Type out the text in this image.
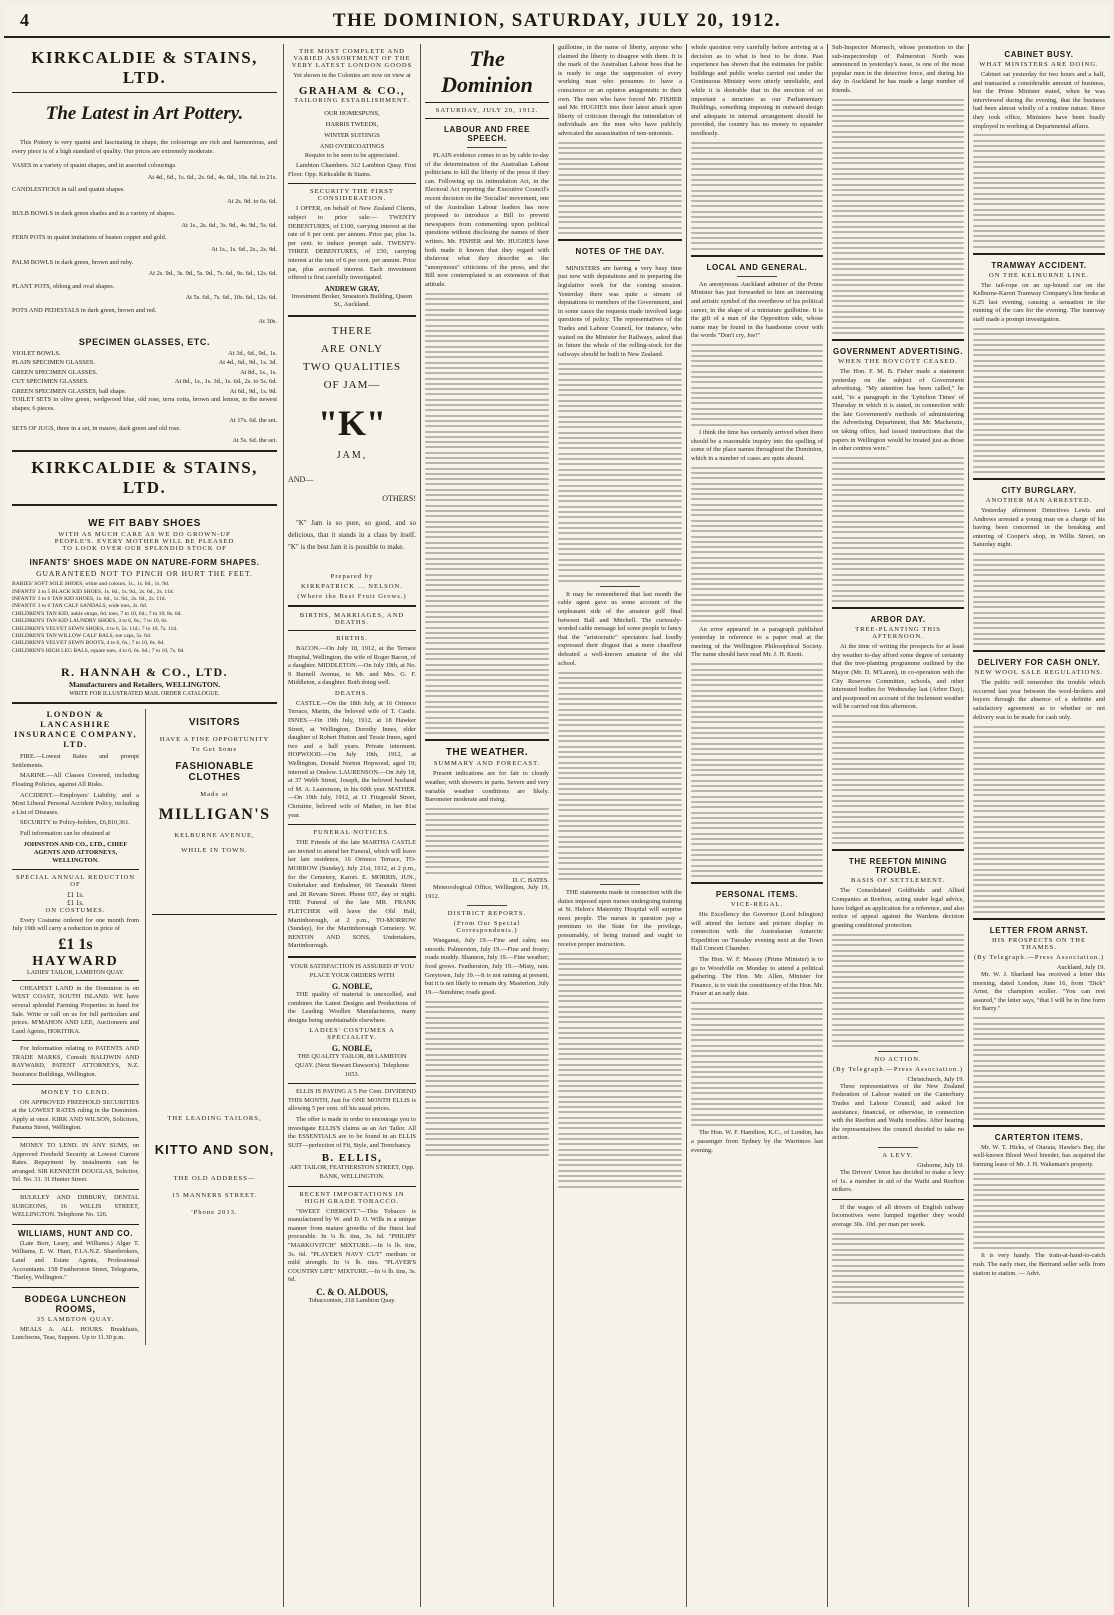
4	THE DOMINION, SATURDAY, JULY 20, 1912.
KIRKCALDIE & STAINS, LTD.
The Latest in Art Pottery.
This Pottery is very quaint and fascinating in shape, the colourings are rich and harmonious, and every piece is of a high standard of quality. Our prices are extremely moderate.
VASES in a variety of quaint shapes, and in assorted colourings.
At 4d., 6d., 1s. 6d., 2s. 6d., 4s. 6d., 10s. 6d. to 21s.
CANDLESTICKS in tall and quaint shapes.
At 2s. 9d. to 6s. 6d.
BULB BOWLS in dark green shades and in a variety of shapes.
At 1s., 2s. 6d., 3s. 9d., 4s. 9d., 5s. 6d.
FERN POTS in quaint imitations of beaten copper and gold.
At 1s., 1s. 6d., 2s., 2s. 9d.
PALM BOWLS in dark green, brown and ruby.
At 2s. 9d., 3s. 9d., 5s. 9d., 7s. 6d., 9s. 6d., 12s. 6d.
PLANT POTS, oblong and oval shapes.
At 5s. 6d., 7s. 6d., 10s. 6d., 12s. 6d.
POTS AND PEDESTALS in dark green, brown and red.
At 30s.
SPECIMEN GLASSES, ETC.
VIOLET BOWLS.	At 3d., 6d., 9d., 1s.
PLAIN SPECIMEN GLASSES.	At 4d., 6d., 9d., 1s. 3d.
GREEN SPECIMEN GLASSES.	At 8d., 1s., 1s.
CUT SPECIMEN GLASSES.	At 8d., 1s., 1s. 3d., 1s. 6d., 2s. to 5s. 6d.
GREEN SPECIMEN GLASSES, ball shape.	At 6d., 9d., 1s. 9d.
TOILET SETS in olive green, wedgwood blue, old rose, terra cotta, brown and lemon, in the newest shapes; 6 pieces.
At 17s. 6d. the set.
SETS OF JUGS, three in a set, in mauve, dark green and old rose.
At 5s. 6d. the set.
KIRKCALDIE & STAINS, LTD.
WE FIT BABY SHOES
WITH AS MUCH CARE AS WE DO GROWN-UP PEOPLE'S. EVERY MOTHER WILL BE PLEASED TO LOOK OVER OUR SPLENDID STOCK OF
INFANTS' SHOES MADE ON NATURE-FORM SHAPES.
GUARANTEED NOT TO PINCH OR HURT THE FEET.
BABIES' SOFT SOLE SHOES, white and colours, 1s., 1s. 6d., 1s. 9d.
INFANTS' 3 to 5 BLACK KID SHOES, 1s. 6d., 1s. 9d., 2s. 6d., 2s. 11d.
INFANTS' 3 to 6 TAN KID SHOES, 1s. 6d., 1s. 9d., 2s. 6d., 2s. 11d.
INFANTS' 3 to 6 TAN CALF SANDALS, wide toes, 2s. 6d.
CHILDREN'S TAN KID, ankle straps, 6d. toes, 7 to 10, 6d.; 7 to 10, 8s. 6d.
CHILDREN'S TAN KID LAUNDRY SHOES, 3 to 6, 6s.; 7 to 10, 6s.
CHILDREN'S VELVET SEWN SHOES, 4 to 6, 5s. 11d.; 7 to 10, 7s. 11d.
CHILDREN'S TAN WILLOW CALF BALS, toe caps, 5s. 6d.
CHILDREN'S VELVET SEWN BOOTS, 4 to 6, 6s.; 7 to 10, 6s. 6d.
CHILDREN'S HIGH LEG BALS, square toes, 4 to 6, 6s. 6d.; 7 to 10, 7s. 6d.
R. HANNAH & CO., LTD.
Manufacturers and Retailers, WELLINGTON.
WRITE FOR ILLUSTRATED MAIL ORDER CATALOGUE.
LONDON & LANCASHIRE INSURANCE COMPANY, LTD.
FIRE.—Lowest Rates and prompt Settlements.
MARINE.—All Classes Covered, including Floating Policies, against All Risks.
ACCIDENT.—Employers' Liability, and a Most Liberal Personal Accident Policy, including a List of Diseases.
SECURITY to Policy-holders, £6,810,361.
Full information can be obtained at
JOHNSTON AND CO., LTD., CHIEF AGENTS AND ATTORNEYS, WELLINGTON.
SPECIAL ANNUAL REDUCTION OF
£1 1s.
£1 1s.
ON COSTUMES.
Every Costume ordered for one month from July 19th will carry a reduction in price of
£1 1s
HAYWARD
LADIES' TAILOR, LAMBTON QUAY.
CHEAPEST LAND in the Dominion is on WEST COAST, SOUTH ISLAND. WE have several splendid Farming Properties in hand for Sale. Write or call on us for full particulars and prices. M'MAHON AND LEE, Auctioneers and Land Agents, HOKITIKA.
For Information relating to PATENTS AND TRADE MARKS, Consult BALDWIN AND RAYWARD, PATENT ATTORNEYS, N.Z. Insurance Buildings, Wellington.
MONEY TO LEND.
ON APPROVED FREEHOLD SECURITIES at the LOWEST RATES ruling in the Dominion. Apply at once. KIRK AND WILSON, Solicitors, Panama Street, Wellington.
MONEY TO LEND. IN ANY SUMS, on Approved Freehold Security at Lowest Current Rates. Repayment by instalments can be arranged. SIR KENNETH DOUGLAS, Solicitor, Tel. No. 31. 31 Hunter Street.
BULKLEY AND DIBBURY, DENTAL SURGEONS, 16 WILLIS STREET, WELLINGTON. Telephone No. 126.
WILLIAMS, HUNT AND CO.
(Late Borr, Leary, and Williams.) Algar T. Williams, E. W. Hunt, F.I.A.N.Z. Sharebrokers, Land and Estate Agents, Professional Accountants. 158 Featherston Street, Telegrams, "Barley, Wellington."
BODEGA LUNCHEON ROOMS,
35 LAMBTON QUAY.
MEALS A. ALL HOURS. Breakfasts, Luncheons, Teas, Suppers. Up to 11.30 p.m.
VISITORS
HAVE A FINE OPPORTUNITY
To Get Some
FASHIONABLE CLOTHES
Made at
MILLIGAN'S
KELBURNE AVENUE,
WHILE IN TOWN.
THE LEADING TAILORS,
KITTO AND SON,
THE OLD ADDRESS—
15 MANNERS STREET.
'Phone 2013.
THE MOST COMPLETE AND VARIED ASSORTMENT OF THE VERY LATEST LONDON GOODS
Yet shown in the Colonies are now on view at
GRAHAM & CO.,
TAILORING ESTABLISHMENT.
OUR HOMESPUNS,
HARRIS TWEEDS,
WINTER SUITINGS
AND OVERCOATINGS
Require to be seen to be appreciated.
Lambton Chambers. 312 Lambton Quay. First Floor. Opp. Kirkcaldie & Stains.
SECURITY THE FIRST CONSIDERATION.
I OFFER, on behalf of New Zealand Clients, subject to prior sale:— TWENTY DEBENTURES, of £100, carrying interest at the rate of 6 per cent. per annum. Price par, plus 1s. per cent. to induce prompt sale. TWENTY-THREE DEBENTURES, of £50, carrying interest at the rate of 6 per cent. per annum. Price par, plus accrued interest. Each investment offered is first carefully investigated.
ANDREW GRAY,
Investment Broker, Smeaton's Building, Queen St., Auckland.
THERE
ARE ONLY
TWO QUALITIES
OF JAM—
"K"
JAM,
AND—
OTHERS!
"K" Jam is so pure, so good, and so delicious, that it stands in a class by itself. "K" is the best Jam it is possible to make.
Prepared by
KIRKPATRICK ... NELSON.
(Where the Best Fruit Grows.)
BIRTHS, MARRIAGES, AND DEATHS.
BIRTHS.
BACON.—On July 18, 1912, at the Terrace Hospital, Wellington, the wife of Roger Bacon, of a daughter. MIDDLETON.—On July 19th, at No. 9 Burnell Avenue, to Mr. and Mrs. G. F. Middleton, a daughter. Both doing well.
DEATHS.
CASTLE.—On the 18th July, at 16 Orinoco Terrace, Martin, the beloved wife of T. Castle. INNES.—On 19th July, 1912, at 18 Hawker Street, at Wellington, Dorothy Innes, elder daughter of Robert Hutton and Tessie Innes, aged two and a half years. Private interment. HOPWOOD.—On July 19th, 1912, at Wellington, Donald Norton Hopwood, aged 19; interred at Onslow. LAURENSON.—On July 18, at 37 Webb Street, Joseph, the beloved husband of M. A. Laurenson, in his 60th year. MATHER.—On 19th July, 1912, at 11 Fitzgerald Street, Christine, beloved wife of Mather, in her 81st year.
FUNERAL NOTICES.
THE Friends of the late MARTHA CASTLE are invited to attend her Funeral, which will leave her late residence, 16 Orinoco Terrace, TO-MORROW (Sunday), July 21st, 1912, at 2 p.m., for the Cemetery, Karori. E. MORRIS, JUN., Undertaker and Embalmer, 60 Taranaki Street and 28 Revans Street. Phone 937, day or night. THE Funeral of the late MR. FRANK FLETCHER will leave the Old Hall, Martinborough, at 2 p.m., TO-MORROW (Sunday), for the Martinborough Cemetery. W. BENTON AND SONS, Undertakers, Martinborough.
YOUR SATISFACTION IS ASSURED IF YOU PLACE YOUR ORDERS WITH
G. NOBLE,
THE quality of material is unexcelled, and combines the Latest Designs and Productions of the Leading Woollen Manufacturers, many designs being unobtainable elsewhere.
LADIES' COSTUMES A SPECIALITY.
G. NOBLE,
THE QUALITY TAILOR, 88 LAMBTON QUAY. (Next Stewart Dawson's). Telephone 1653.
ELLIS IS PAYING A 5 Per Cent. DIVIDEND THIS MONTH, Just for ONE MONTH ELLIS is allowing 5 per cent. off his usual prices.
The offer is made in order to encourage you to investigate ELLIS'S claims as an Art Tailor. All the ESSENTIALS are to be found in an ELLIS SUIT—perfection of Fit, Style, and Trenchancy.
B. ELLIS,
ART TAILOR, FEATHERSTON STREET, Opp. BANK, WELLINGTON.
RECENT IMPORTATIONS IN HIGH GRADE TOBACCO.
"SWEET CHEROOT."—This Tobacco is manufactured by W. and D. O. Wills in a unique manner from mature growths of the finest leaf procurable. In ¼ lb. tins, 3s. 6d. "PHILIPS' "MARKOVITCH" MIXTURE.—In ¼ lb. tins, 3s. 6d. "PLAYER'S NAVY CUT" medium or mild strength. In ¼ lb. tins. "PLAYER'S COUNTRY LIFE" MIXTURE.—In ¼ lb. tins, 3s. 6d.
C. & O. ALDOUS,
Tobacconists, 218 Lambton Quay.
The Dominion
SATURDAY, JULY 20, 1912.
LABOUR AND FREE SPEECH.
PLAIN evidence comes to us by cable to-day of the determination of the Australian Labour politicians to kill the liberty of the press if they can. Following up its intimidation Act, in the Electoral Act reporting the Executive Council's recent decision on the 'Socialist' movement, one of the Australian Labour leaders has now proposed to introduce a Bill to prevent newspapers from commenting upon political questions without disclosing the names of their writers. Mr. FISHER and Mr. HUGHES have both made it known that they regard with disfavour what they describe as the "anonymous" criticisms of the press, and the Bill now contemplated is an extension of that attitude.
THE WEATHER.
SUMMARY AND FORECAST.
Present indications are for fair to cloudy weather, with showers in parts. Severe and very variable weather conditions are likely. Barometer moderate and rising.
D. C. BATES.
Meteorological Office, Wellington, July 19, 1912.
DISTRICT REPORTS.
(From Our Special Correspondents.)
Wanganui, July 19.—Fine and calm; sea smooth. Palmerston, July 19.—Fine and frosty; roads muddy. Shannon, July 19.—Fine weather; food grows. Featherston, July 19.—Misty, rain. Greytown, July 19.—It is not raining at present, but it is not likely to remain dry. Masterton, July 19.—Sunshine; roads good.
guillotine, in the name of liberty, anyone who claimed the liberty to disagree with them. It is the mark of the Australian Labour boss that he is ready to urge the suppression of every working man who presumes to have a conscience or an opinion antagonistic to their own. The men who have forced Mr. FISHER and Mr. HUGHES into their latest attack upon liberty of criticism through the intimidation of individuals are the men who have publicly advocated the assassination of non-unionists.
NOTES OF THE DAY.
MINISTERS are having a very busy time just now with deputations and in preparing the legislative work for the coming session. Yesterday there was quite a stream of deputations to members of the Government, and in some cases the requests made involved large questions of policy. The representatives of the Trades and Labour Council, for instance, who waited on the Minister for Railways, asked that in future the whole of the rolling-stock for the railways should be built in New Zealand.
It may be remembered that last month the cable agent gave us some account of the unpleasant side of the amateur golf final between Ball and Mitchell. The curiously-worded cable message led some people to fancy that the "aristocratic" spectators had loudly expressed their disgust that a mere chauffeur defeated a well-known amateur of the old school.
THE statements made in connection with the duties imposed upon nurses undergoing training at St. Helen's Maternity Hospital will surprise most people. The nurses in question pay a premium to the State for the privilege, presumably, of being trained and ought to receive proper instruction.
whole question very carefully before arriving at a decision as to what is best to be done. Past experience has shown that the estimates for public buildings and public works carried out under the Continuous Ministry were utterly unreliable, and while it is desirable that in the erection of so important a structure as our Parliamentary Buildings, something imposing in outward design and adequate in internal arrangement should be provided, the country has no money to squander needlessly.
LOCAL AND GENERAL.
An anonymous Auckland admirer of the Prime Minister has just forwarded to him an interesting and artistic symbol of the overthrow of his political career, in the shape of a miniature guillotine. It is the gift of a man of the Opposition side, whose name may be found in the handsome cover with the words "Don't cry, Joe!"
I think the time has certainly arrived when there should be a reasonable inquiry into the spelling of some of the place names throughout the Dominion, which in a number of cases are quite absurd.
An error appeared in a paragraph published yesterday in reference to a paper read at the meeting of the Wellington Philosophical Society. The name should have read Mr. J. H. Knott.
PERSONAL ITEMS.
VICE-REGAL.
His Excellency the Governor (Lord Islington) will attend the lecture and picture display in connection with the Australasian Antarctic Expedition on Tuesday evening next at the Town Hall Concert Chamber.
The Hon. W. F. Massey (Prime Minister) is to go to Woodville on Monday to attend a political gathering. The Hon. Mr. Allen, Minister for Finance, is to visit the constituency of the Hon. Mr. Fraser at an early date.
The Hon. W. F. Hamilton, K.C., of London, has a passenger from Sydney by the Warrimoo last evening.
Sub-Inspector Mornech, whose promotion to the sub-inspectorship of Palmerston North was announced in yesterday's issue, is one of the most popular men in the detective force, and during his day in Auckland he has made a large number of friends.
GOVERNMENT ADVERTISING.
WHEN THE BOYCOTT CEASED.
The Hon. F. M. B. Fisher made a statement yesterday on the subject of Government advertising. "My attention has been called," he said, "to a paragraph in the 'Lyttelton Times' of Thursday in which it is stated, in connection with the late Government's methods of administering the Advertising Department, that Mr. Mackenzie, on taking office, had issued instructions that the papers in Wellington would be treated just as those in other centres were."
ARBOR DAY.
TREE-PLANTING THIS AFTERNOON.
At the time of writing the prospects for at least dry weather to-day afford some degree of certainty that the tree-planting programme outlined by the Mayor (Mr. D. M'Laren), in co-operation with the City Reserves Committee, schools, and other interested bodies for Wednesday last (Arbor Day), and postponed on account of the inclement weather will be carried out this afternoon.
THE REEFTON MINING TROUBLE.
BASIS OF SETTLEMENT.
The Consolidated Goldfields and Allied Companies at Reefton, acting under legal advice, have lodged an application for a reference, and also notice of appeal against the Wardens decision granting conditional protection.
NO ACTION.
(By Telegraph.—Press Association.)
Christchurch, July 19.
Three representatives of the New Zealand Federation of Labour waited on the Canterbury Trades and Labour Council, and asked for assistance, financial, or otherwise, in connection with the Reefton and Waihi troubles. After hearing the representatives the council decided to take no action.
A LEVY.
Gisborne, July 19.
The Drivers' Union has decided to make a levy of 1s. a member in aid of the Waihi and Reefton strikers.
If the wages of all drivers of English railway locomotives were lumped together they would average 30s. 10d. per man per week.
CABINET BUSY.
WHAT MINISTERS ARE DOING.
Cabinet sat yesterday for two hours and a half, and transacted a considerable amount of business, but the Prime Minister stated, when he was interviewed during the evening, that the business had been almost wholly of a routine nature. Since they took office, Ministers have been busily employed in working at Departmental affairs.
TRAMWAY ACCIDENT.
ON THE KELBURNE LINE.
The tail-rope on an up-bound car on the Kelburne-Karori Tramway Company's line broke at 6.25 last evening, causing a sensation in the running of the cars for the evening. The tramway staff made a prompt investigation.
CITY BURGLARY.
ANOTHER MAN ARRESTED.
Yesterday afternoon Detectives Lewis and Andrews arrested a young man on a charge of his having been concerned in the breaking and entering of Cooper's shop, in Willis Street, on Saturday night.
DELIVERY FOR CASH ONLY.
NEW WOOL SALE REGULATIONS.
The public will remember the trouble which occurred last year between the wool-brokers and buyers through the absence of a definite and satisfactory agreement as to whether or not delivery was to be made for cash only.
LETTER FROM ARNST.
HIS PROSPECTS ON THE THAMES.
(By Telegraph.—Press Association.)
Auckland, July 19.
Mr. W. J. Sharland has received a letter this morning, dated London, June 16, from "Dick" Arnst, the champion sculler. "You can rest assured," the letter says, "that I will be in fine form for Barry."
CARTERTON ITEMS.
Mr. W. T. Hicks, of Otaraia, Hawke's Bay, the well-known Blood Wool breeder, has acquired the farming lease of Mr. J. H. Wakeman's property.
It is very handy. The train-at-hand-to-catch rush. The early riser, the Bertrand seller sells from station to station. — Advt.
